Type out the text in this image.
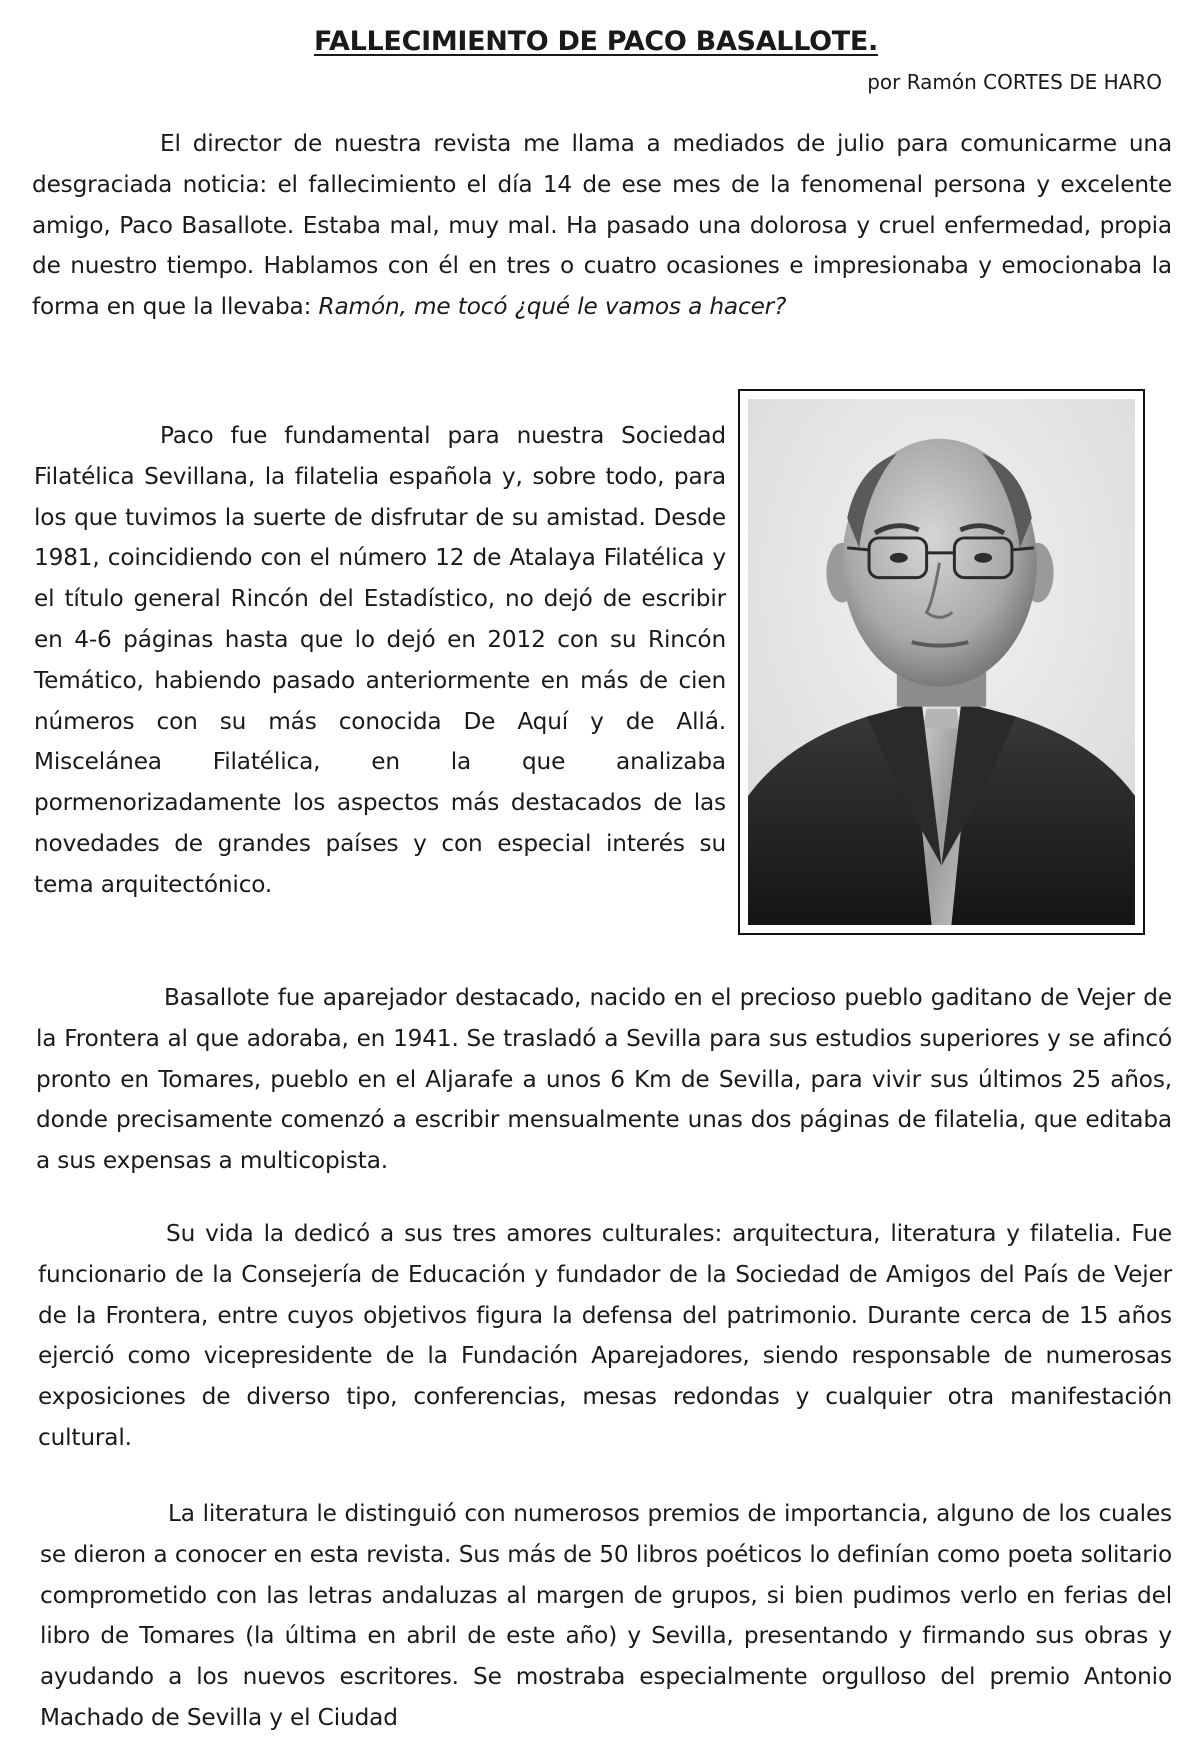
FALLECIMIENTO DE PACO BASALLOTE.

por Ramón CORTES DE HARO

El director de nuestra revista me llama a mediados de julio para comunicarme una desgraciada noticia: el fallecimiento el día 14 de ese mes de la fenomenal persona y excelente amigo, Paco Basallote. Estaba mal, muy mal. Ha pasado una dolorosa y cruel enfermedad, propia de nuestro tiempo. Hablamos con él en tres o cuatro ocasiones e impresionaba y emocionaba la forma en que la llevaba: Ramón, me tocó ¿qué le vamos a hacer?

Paco fue fundamental para nuestra Sociedad Filatélica Sevillana, la filatelia española y, sobre todo, para los que tuvimos la suerte de disfrutar de su amistad. Desde 1981, coincidiendo con el número 12 de Atalaya Filatélica y el título general Rincón del Estadístico, no dejó de escribir en 4-6 páginas hasta que lo dejó en 2012 con su Rincón Temático, habiendo pasado anteriormente en más de cien números con su más conocida De Aquí y de Allá. Miscelánea Filatélica, en la que analizaba pormenorizadamente los aspectos más destacados de las novedades de grandes países y con especial interés su tema arquitectónico.

Basallote fue aparejador destacado, nacido en el precioso pueblo gaditano de Vejer de la Frontera al que adoraba, en 1941. Se trasladó a Sevilla para sus estudios superiores y se afincó pronto en Tomares, pueblo en el Aljarafe a unos 6 Km de Sevilla, para vivir sus últimos 25 años, donde precisamente comenzó a escribir mensualmente unas dos páginas de filatelia, que editaba a sus expensas a multicopista.

Su vida la dedicó a sus tres amores culturales: arquitectura, literatura y filatelia. Fue funcionario de la Consejería de Educación y fundador de la Sociedad de Amigos del País de Vejer de la Frontera, entre cuyos objetivos figura la defensa del patrimonio. Durante cerca de 15 años ejerció como vicepresidente de la Fundación Aparejadores, siendo responsable de numerosas exposiciones de diverso tipo, conferencias, mesas redondas y cualquier otra manifestación cultural.

La literatura le distinguió con numerosos premios de importancia, alguno de los cuales se dieron a conocer en esta revista. Sus más de 50 libros poéticos lo definían como poeta solitario comprometido con las letras andaluzas al margen de grupos, si bien pudimos verlo en ferias del libro de Tomares (la última en abril de este año) y Sevilla, presentando y firmando sus obras y ayudando a los nuevos escritores. Se mostraba especialmente orgulloso del premio Antonio Machado de Sevilla y el Ciudad
